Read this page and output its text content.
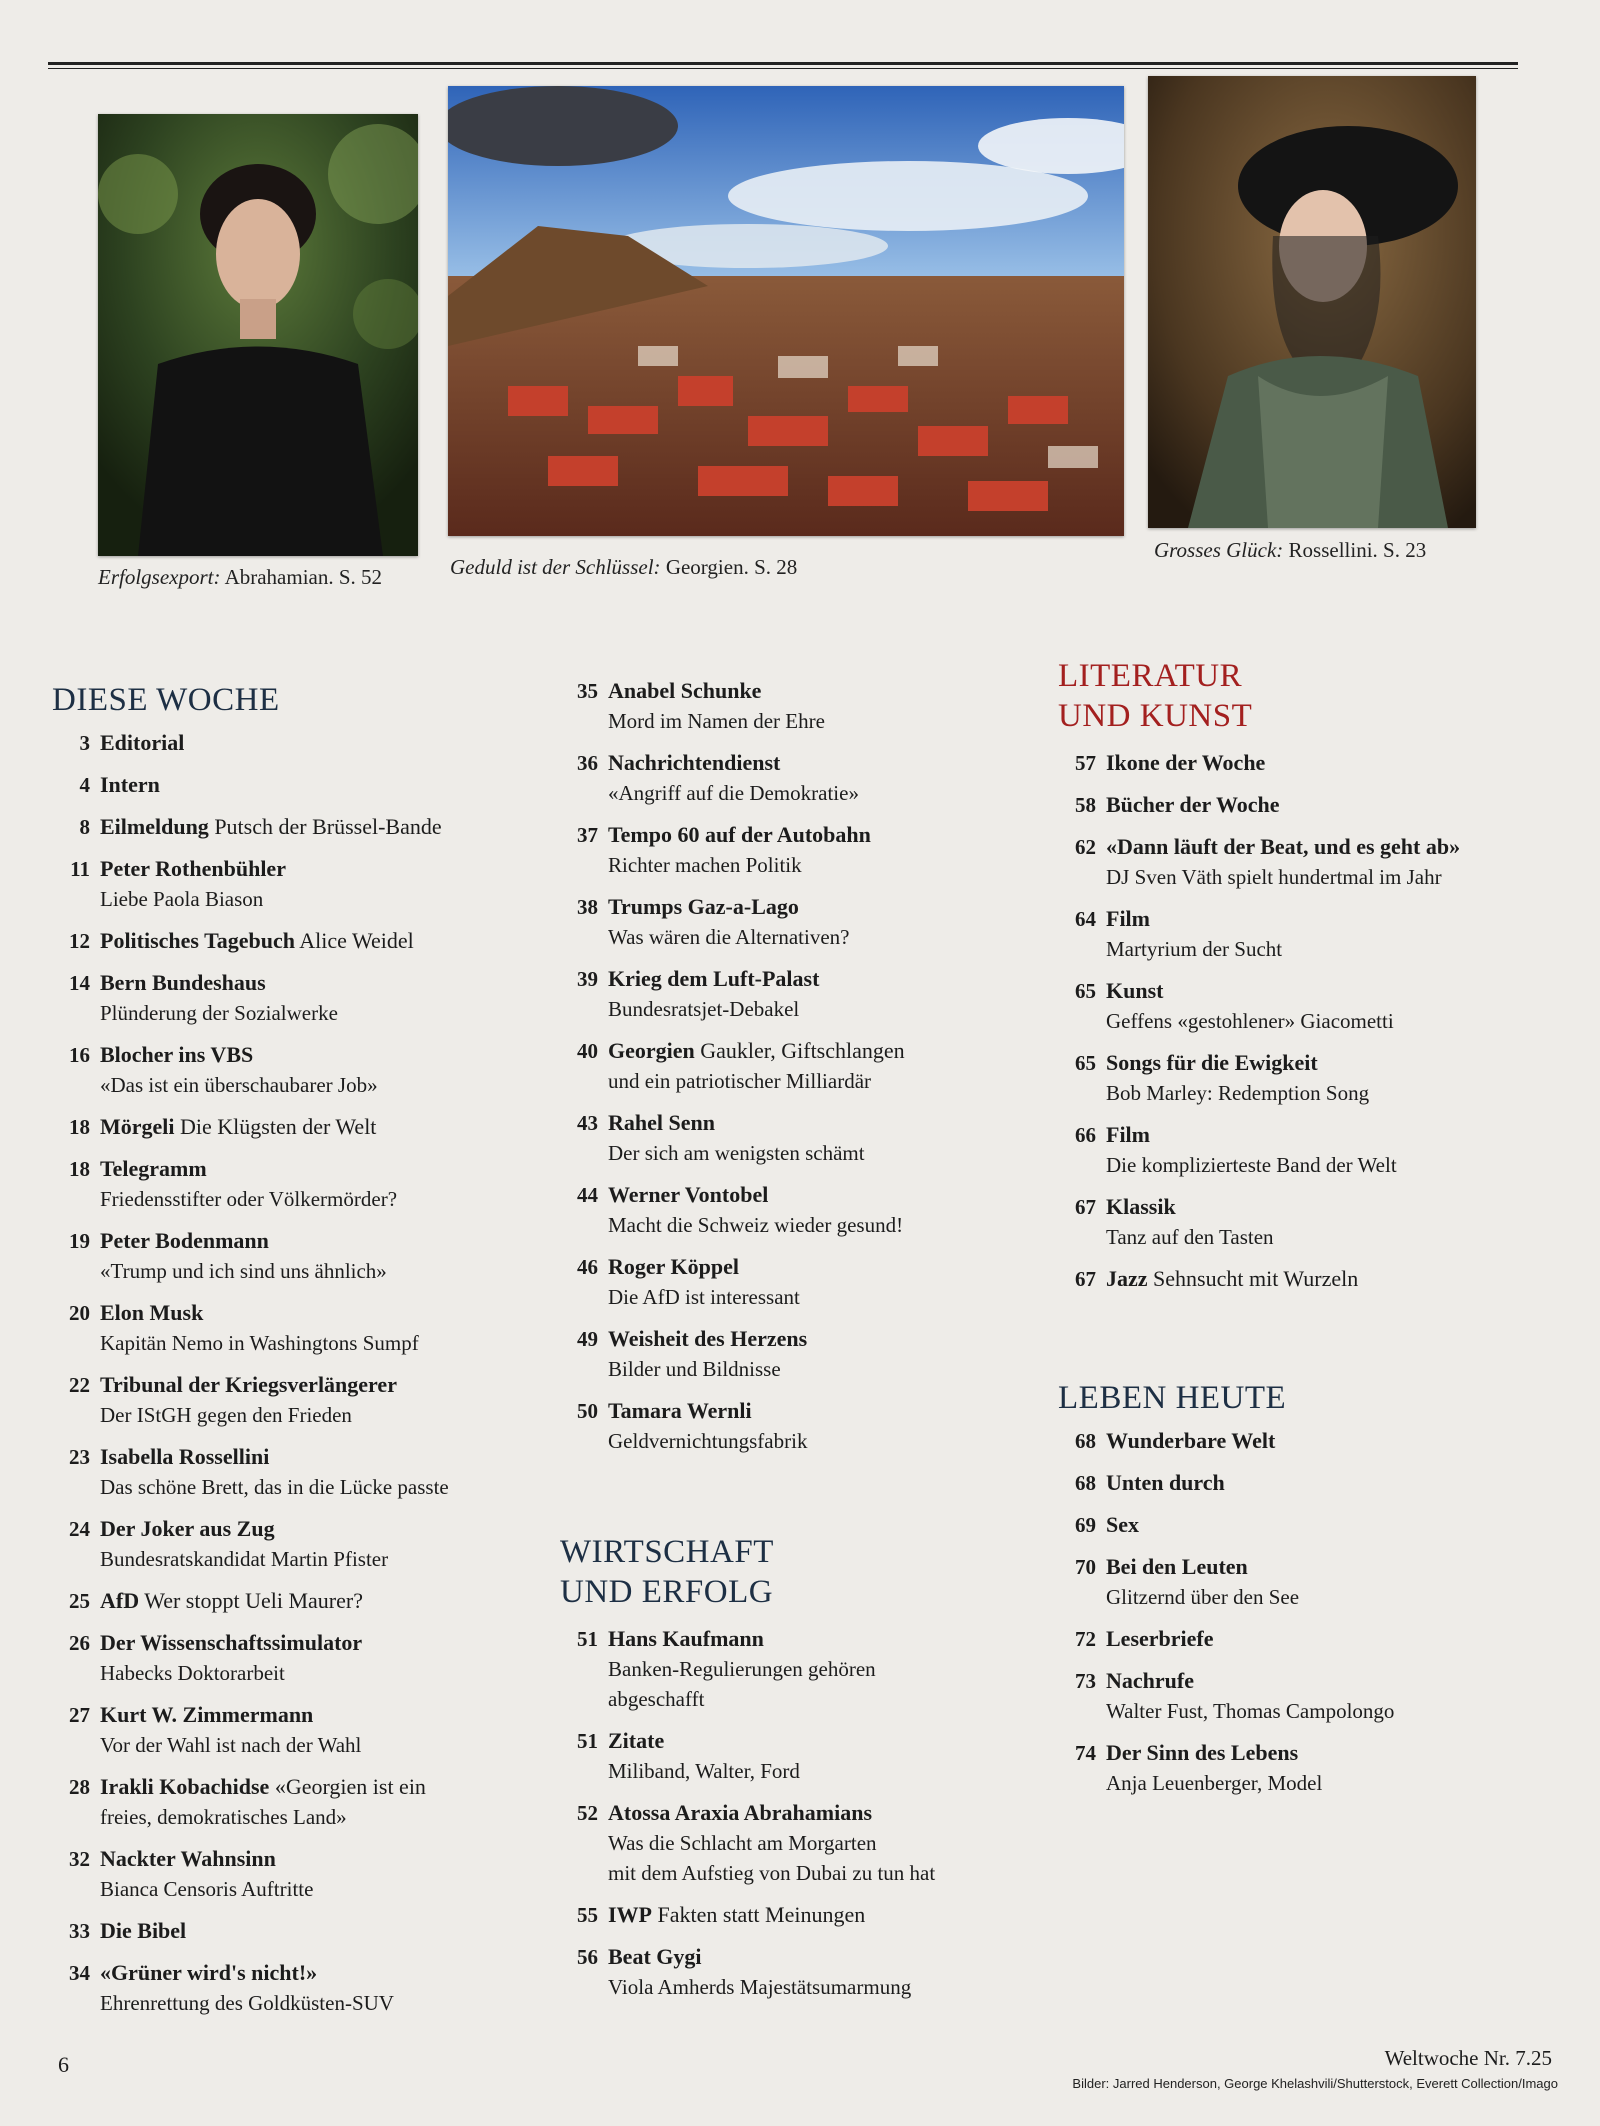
Erfolgsexport: Abrahamian. S. 52	Geduld ist der Schlüssel: Georgien. S. 28
Grosses Glück: Rossellini. S. 23
DIESE WOCHE
3 Editorial
4 Intern
8 Eilmeldung Putsch der Brüssel-Bande
11 Peter Rothenbühler
Liebe Paola Biason
12 Politisches Tagebuch Alice Weidel
14 Bern Bundeshaus
Plünderung der Sozialwerke
16 Blocher ins VBS
«Das ist ein überschaubarer Job»
18 Mörgeli Die Klügsten der Welt
18 Telegramm
Friedensstifter oder Völkermörder?
19 Peter Bodenmann
«Trump und ich sind uns ähnlich»
20 Elon Musk
Kapitän Nemo in Washingtons Sumpf
22 Tribunal der Kriegsverlängerer
Der IStGH gegen den Frieden
23 Isabella Rossellini
Das schöne Brett, das in die Lücke passte
24 Der Joker aus Zug
Bundesratskandidat Martin Pfister
25 AfD Wer stoppt Ueli Maurer?
26 Der Wissenschaftssimulator
Habecks Doktorarbeit
27 Kurt W. Zimmermann
Vor der Wahl ist nach der Wahl
28 Irakli Kobachidse «Georgien ist ein
freies, demokratisches Land»
32 Nackter Wahnsinn
Bianca Censoris Auftritte
33 Die Bibel
34 «Grüner wird's nicht!»
Ehrenrettung des Goldküsten-SUV
35 Anabel Schunke
Mord im Namen der Ehre
36 Nachrichtendienst
«Angriff auf die Demokratie»
37 Tempo 60 auf der Autobahn
Richter machen Politik
38 Trumps Gaz-a-Lago
Was wären die Alternativen?
39 Krieg dem Luft-Palast
Bundesratsjet-Debakel
40 Georgien Gaukler, Giftschlangen
und ein patriotischer Milliardär
43 Rahel Senn
Der sich am wenigsten schämt
44 Werner Vontobel
Macht die Schweiz wieder gesund!
46 Roger Köppel
Die AfD ist interessant
49 Weisheit des Herzens
Bilder und Bildnisse
50 Tamara Wernli
Geldvernichtungsfabrik
WIRTSCHAFT
UND ERFOLG
51 Hans Kaufmann
Banken-Regulierungen gehören
abgeschafft
51 Zitate
Miliband, Walter, Ford
52 Atossa Araxia Abrahamians
Was die Schlacht am Morgarten
mit dem Aufstieg von Dubai zu tun hat
55 IWP Fakten statt Meinungen
56 Beat Gygi
Viola Amherds Majestätsumarmung
LITERATUR
UND KUNST
57 Ikone der Woche
58 Bücher der Woche
62 «Dann läuft der Beat, und es geht ab»
DJ Sven Väth spielt hundertmal im Jahr
64 Film
Martyrium der Sucht
65 Kunst
Geffens «gestohlener» Giacometti
65 Songs für die Ewigkeit
Bob Marley: Redemption Song
66 Film
Die komplizierteste Band der Welt
67 Klassik
Tanz auf den Tasten
67 Jazz Sehnsucht mit Wurzeln
LEBEN HEUTE
68 Wunderbare Welt
68 Unten durch
69 Sex
70 Bei den Leuten
Glitzernd über den See
72 Leserbriefe
73 Nachrufe
Walter Fust, Thomas Campolongo
74 Der Sinn des Lebens
Anja Leuenberger, Model
6	Weltwoche Nr. 7.25
Bilder: Jarred Henderson, George Khelashvili/Shutterstock, Everett Collection/Imago
